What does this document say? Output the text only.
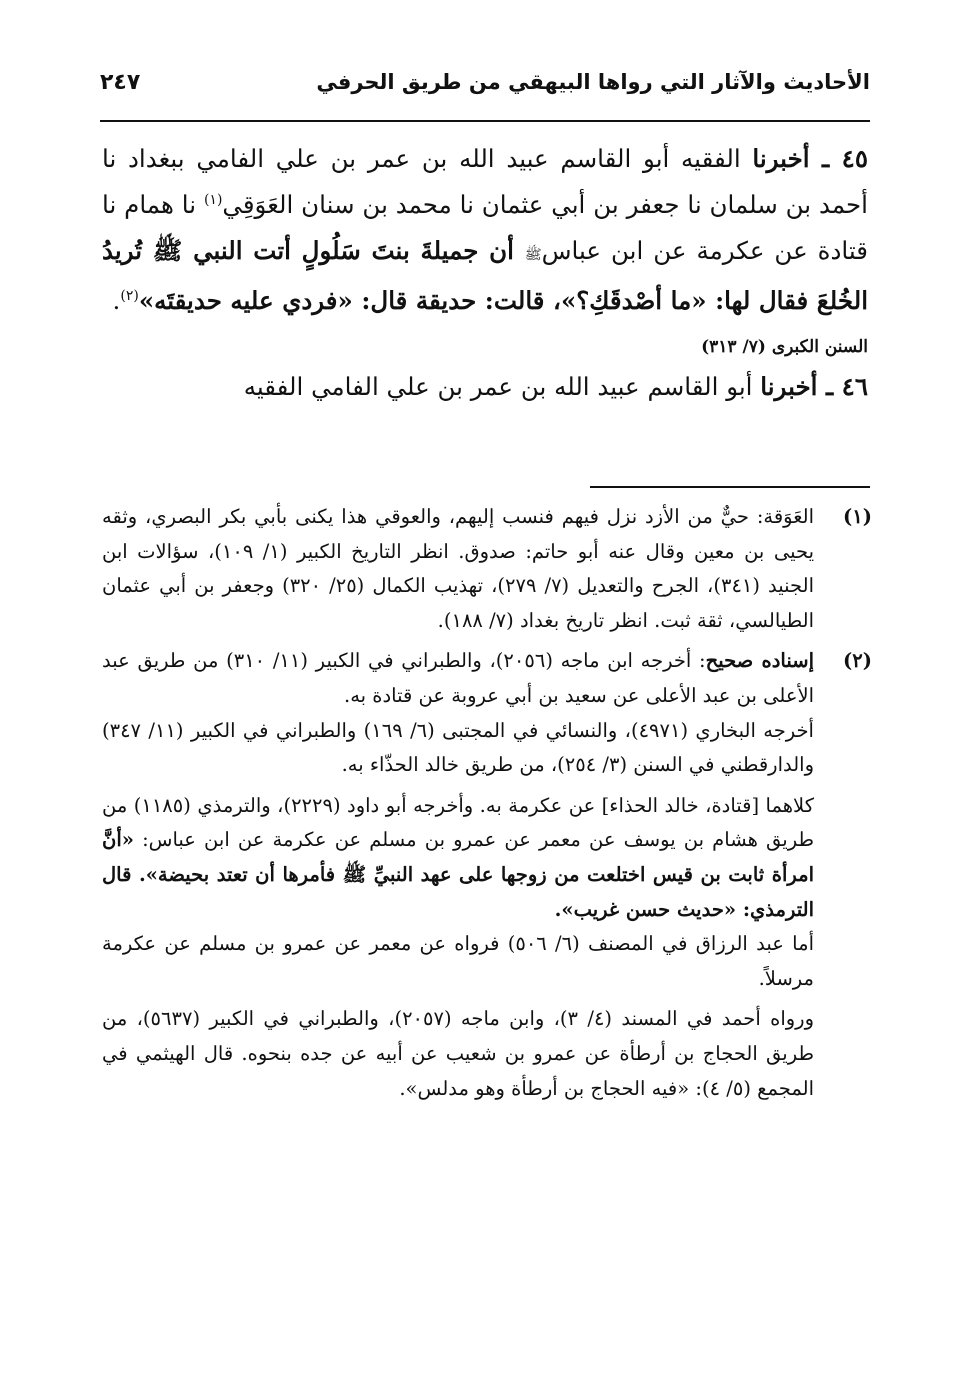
الأحاديث والآثار التي رواها البيهقي من طريق الحرفي
٢٤٧

٤٥ ـ أخبرنا الفقيه أبو القاسم عبيد الله بن عمر بن علي الفامي ببغداد نا أحمد بن سلمان نا جعفر بن أبي عثمان نا محمد بن سنان العَوَقِي$^{(١)}$ نا همام نا قتادة عن عكرمة عن ابن عباسﷺ أن جميلةَ بنتَ سَلُولٍ أتت النبي ﷺ تُريدُ الخُلعَ فقال لها: «ما أصْدقَكِ؟»، قالت: حديقة قال: «فردي عليه حديقتَه»$^{(٢)}$.

السنن الكبرى (٧/ ٣١٣)

٤٦ ـ أخبرنا أبو القاسم عبيد الله بن عمر بن علي الفامي الفقيه

(١)

العَوَقة: حيٌّ من الأزد نزل فيهم فنسب إليهم، والعوقي هذا يكنى بأبي بكر البصري، وثقه يحيى بن معين وقال عنه أبو حاتم: صدوق. انظر التاريخ الكبير (١/ ١٠٩)، سؤالات ابن الجنيد (٣٤١)، الجرح والتعديل (٧/ ٢٧٩)، تهذيب الكمال (٢٥/ ٣٢٠) وجعفر بن أبي عثمان الطيالسي، ثقة ثبت. انظر تاريخ بغداد (٧/ ١٨٨).

(٢)

إسناده صحيح: أخرجه ابن ماجه (٢٠٥٦)، والطبراني في الكبير (١١/ ٣١٠) من طريق عبد الأعلى بن عبد الأعلى عن سعيد بن أبي عروبة عن قتادة به.

أخرجه البخاري (٤٩٧١)، والنسائي في المجتبى (٦/ ١٦٩) والطبراني في الكبير (١١/ ٣٤٧) والدارقطني في السنن (٣/ ٢٥٤)، من طريق خالد الحذّاء به.

كلاهما [قتادة، خالد الحذاء] عن عكرمة به. وأخرجه أبو داود (٢٢٢٩)، والترمذي (١١٨٥) من طريق هشام بن يوسف عن معمر عن عمرو بن مسلم عن عكرمة عن ابن عباس: «أنَّ امرأة ثابت بن قيس اختلعت من زوجها على عهد النبيِّ ﷺ فأمرها أن تعتد بحيضة». قال الترمذي: «حديث حسن غريب».

أما عبد الرزاق في المصنف (٦/ ٥٠٦) فرواه عن معمر عن عمرو بن مسلم عن عكرمة مرسلاً.

ورواه أحمد في المسند (٤/ ٣)، وابن ماجه (٢٠٥٧)، والطبراني في الكبير (٥٦٣٧)، من طريق الحجاج بن أرطأة عن عمرو بن شعيب عن أبيه عن جده بنحوه. قال الهيثمي في المجمع (٥/ ٤): «فيه الحجاج بن أرطأة وهو مدلس».
